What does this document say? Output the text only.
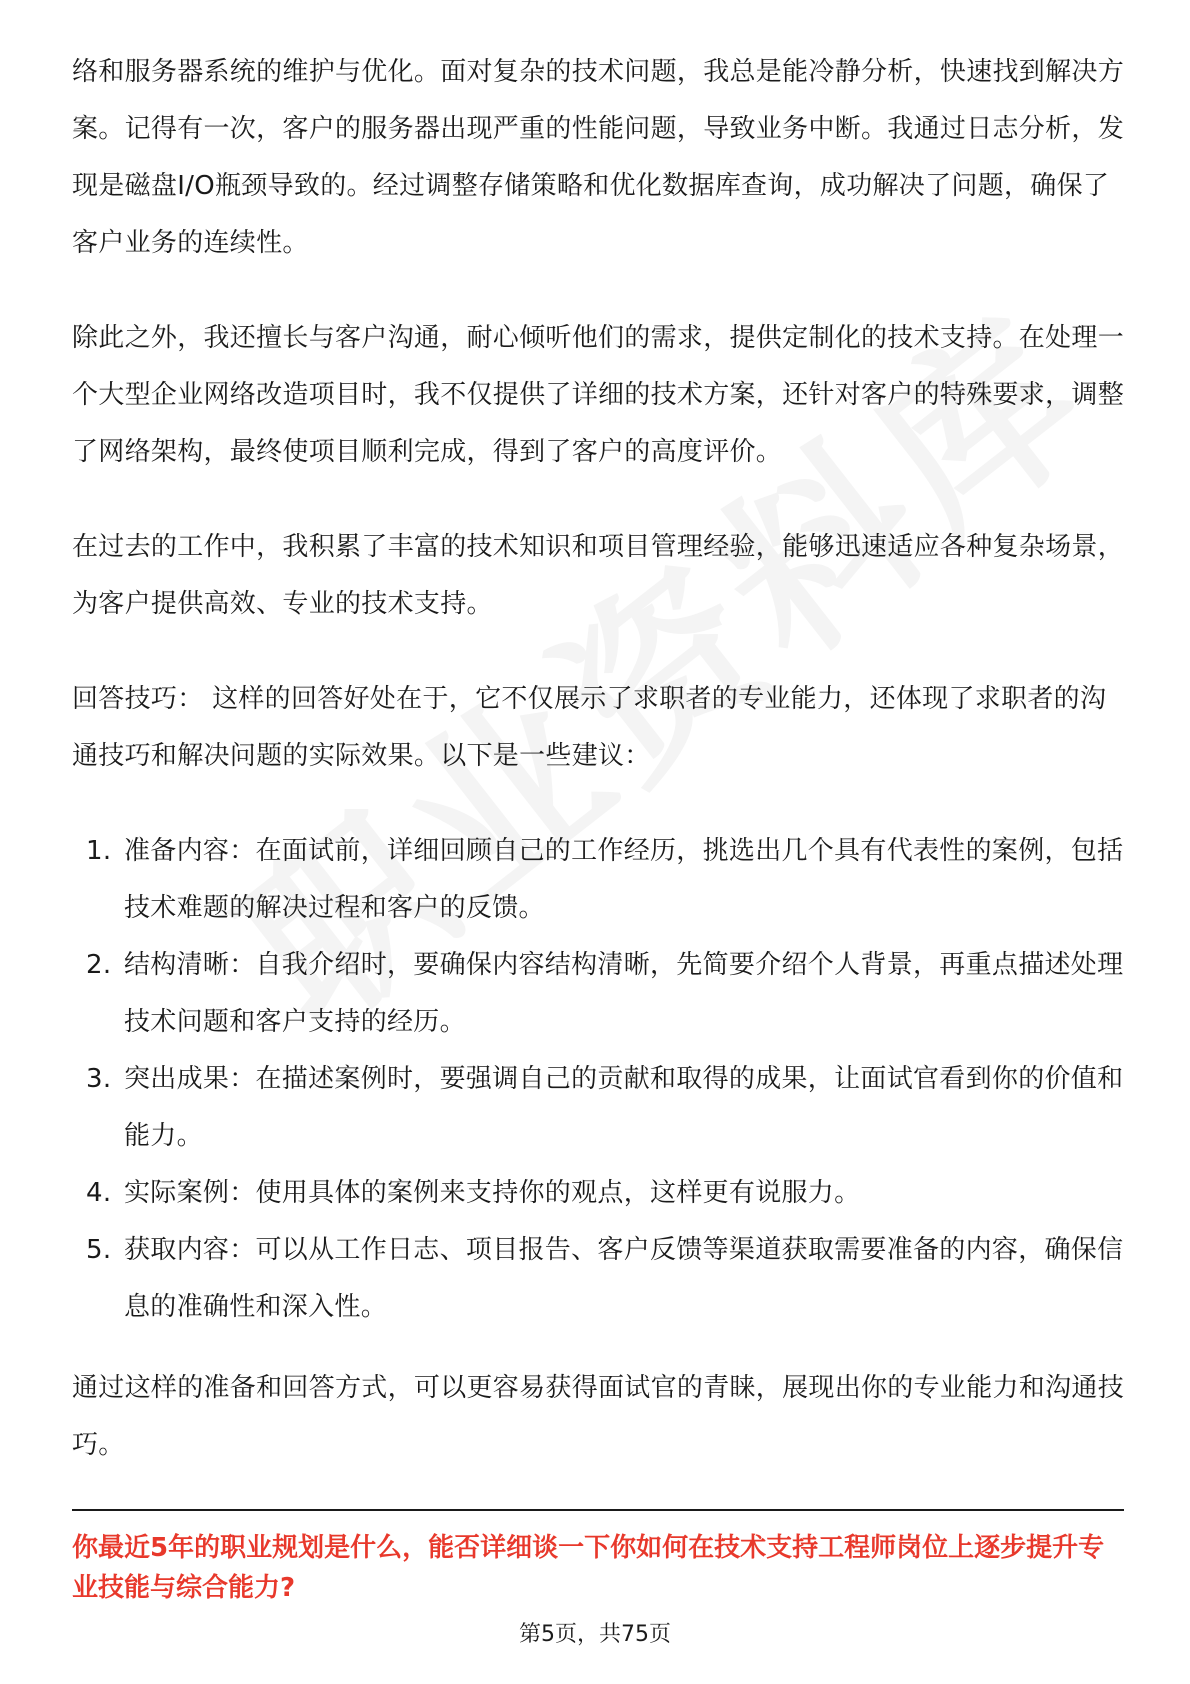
络和服务器系统的维护与优化。面对复杂的技术问题，我总是能冷静分析，快速找到解决方案。记得有一次，客户的服务器出现严重的性能问题，导致业务中断。我通过日志分析，发现是磁盘I/O瓶颈导致的。经过调整存储策略和优化数据库查询，成功解决了问题，确保了客户业务的连续性。

除此之外，我还擅长与客户沟通，耐心倾听他们的需求，提供定制化的技术支持。在处理一个大型企业网络改造项目时，我不仅提供了详细的技术方案，还针对客户的特殊要求，调整了网络架构，最终使项目顺利完成，得到了客户的高度评价。

在过去的工作中，我积累了丰富的技术知识和项目管理经验，能够迅速适应各种复杂场景，为客户提供高效、专业的技术支持。

回答技巧： 这样的回答好处在于，它不仅展示了求职者的专业能力，还体现了求职者的沟通技巧和解决问题的实际效果。以下是一些建议：

1. 准备内容：在面试前，详细回顾自己的工作经历，挑选出几个具有代表性的案例，包括技术难题的解决过程和客户的反馈。
2. 结构清晰：自我介绍时，要确保内容结构清晰，先简要介绍个人背景，再重点描述处理技术问题和客户支持的经历。
3. 突出成果：在描述案例时，要强调自己的贡献和取得的成果，让面试官看到你的价值和能力。
4. 实际案例：使用具体的案例来支持你的观点，这样更有说服力。
5. 获取内容：可以从工作日志、项目报告、客户反馈等渠道获取需要准备的内容，确保信息的准确性和深入性。

通过这样的准备和回答方式，可以更容易获得面试官的青睐，展现出你的专业能力和沟通技巧。

你最近5年的职业规划是什么，能否详细谈一下你如何在技术支持工程师岗位上逐步提升专业技能与综合能力?

第5页，共75页
